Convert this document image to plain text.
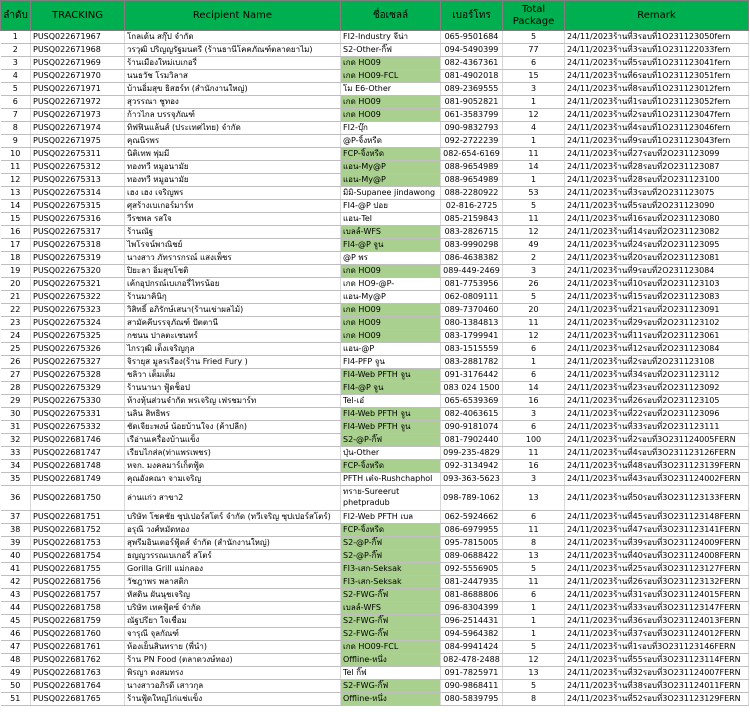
ลำดับ	TRACKING	Recipient Name	ชื่อเซลล์	เบอร์โทร	Total Package	Remark
1	PUSQ022671967	โกลเด้น สกุ๊ป จำกัด	FI2-Industry จีน่า	065-9501684	5	24/11/2023ร้านที่3รอบที่1O231123050fern
2	PUSQ022671968	วรวุฒิ ปริญญรัฐมนตรี (ร้านธานีโคคภัณฑ์ตลาดยาไม)	S2-Other-กิ๊ฟ	094-5490399	77	24/11/2023ร้านที่3รอบที่1O231122033fern
3	PUSQ022671969	ร้านเมืองใหม่เบเกอรี่	เกด HO09	082-4367361	6	24/11/2023ร้านที่5รอบที่1O231123041fern
4	PUSQ022671970	นนธวัช โรมวิลาส	เกด HO09-FCL	081-4902018	15	24/11/2023ร้านที่6รอบที่1O231123051fern
5	PUSQ022671971	บ้านอิ่มสุข ธิสฮร์ท (สำนักงานใหญ่)	โม E6-Other	089-2369555	3	24/11/2023ร้านที่8รอบที่1O231123012fern
6	PUSQ022671972	สุวรรณา ชูทอง	เกด HO09	081-9052821	1	24/11/2023ร้านที่1รอบที่1O231123052fern
7	PUSQ022671973	ก้าวไกล บรรจุภัณฑ์	เกด HO09	061-3583799	12	24/11/2023ร้านที่2รอบที่1O231123047fern
8	PUSQ022671974	ทิฟฟินแล้นส์ (ประเทศไทย) จำกัด	FI2-บุ๊ก	090-9832793	4	24/11/2023ร้านที่4รอบที่1O231123046fern
9	PUSQ022671975	คุณนิรพร	@P-จิ้งหรีด	092-2722239	1	24/11/2023ร้านที่9รอบที่1O231123043fern
10	PUSQ022675311	นิติเทพ พุ่มมี	FCP-จิ้งหรีด	082-654-6169	11	24/11/2023ร้านที่27รอบที่2O231123099
11	PUSQ022675312	ทองทวี หมูอนามัย	แอน-My@P	088-9654989	14	24/11/2023ร้านที่28รอบที่2O231123087
12	PUSQ022675313	ทองทวี หมูอนามัย	แอน-My@P	088-9654989	1	24/11/2023ร้านที่28รอบที่2O231123100
13	PUSQ022675314	เฮง เฮง เจริญพร	มิมิ-Supanee jindawong	088-2280922	53	24/11/2023ร้านที่3รอบที่2O231123075
14	PUSQ022675315	ศุสร้างเบเกอร์มาร์ท	FI4-@P ปอย	02-816-2725	5	24/11/2023ร้านที่5รอบที่2O231123090
15	PUSQ022675316	วีรชพล รสใจ	แอน-Tel	085-2159843	11	24/11/2023ร้านที่16รอบที่2O231123080
16	PUSQ022675317	ร้านณัฐ	เบลล์-WFS	083-2826715	12	24/11/2023ร้านที่14รอบที่2O231123082
17	PUSQ022675318	ไพโรจน์พาณิชย์	FI4-@P จูน	083-9990298	49	24/11/2023ร้านที่24รอบที่2O231123095
18	PUSQ022675319	นางสาว ภัทรารกรณ์ แสงเพ็ชร	@P พร	086-4638382	2	24/11/2023ร้านที่20รอบที่2O231123081
19	PUSQ022675320	ปิยะลา อิ่มสุขโชติ	เกด HO09	089-449-2469	3	24/11/2023ร้านที่9รอบที่2O231123084
20	PUSQ022675321	เค้กอุปกรณ์เบเกอรี่ไทรน้อย	เกด HO9-@P-	081-7753956	26	24/11/2023ร้านที่10รอบที่2O231123103
21	PUSQ022675322	ร้านมาคินิกุ	แอน-My@P	062-0809111	5	24/11/2023ร้านที่15รอบที่2O231123083
22	PUSQ022675323	วิสิทธิ์ อภิรักษ์เสนา(ร้านเข่าผลไม้)	เกด HO09	089-7370460	20	24/11/2023ร้านที่21รอบที่2O231123091
23	PUSQ022675324	สามัคคีบรรจุภัณฑ์ ปัตตานี	เกด HO09	080-1384813	11	24/11/2023ร้านที่29รอบที่2O231123102
24	PUSQ022675325	กชนน ปาลตะเซนทร์	เกด HO09	083-1799941	12	24/11/2023ร้านที่11รอบที่2O231123061
25	PUSQ022675326	ไกรวุฒิ เต็งเจริญกุล	แอน-@P	083-1515559	6	24/11/2023ร้านที่12รอบที่2O231123084
26	PUSQ022675327	จิรายุส มูลรเรือง(ร้าน Fried Fury )	FI4-PFP จูน	083-2881782	1	24/11/2023ร้านที่2รอบที่2O231123108
27	PUSQ022675328	ชลิวา เต็มเต็ม	FI4-Web PFTH จูน	091-3176442	6	24/11/2023ร้านที่34รอบที่2O231123112
28	PUSQ022675329	ร้านนานา ฟู้ดช็อป	FI4-@P จูน	083 024 1500	14	24/11/2023ร้านที่23รอบที่2O231123092
29	PUSQ022675330	ห้างหุ้นส่วนจำกัด พรเจริญ เฟรชมาร์ท	Tel-เอ๋	065-6539369	16	24/11/2023ร้านที่26รอบที่2O231123105
30	PUSQ022675331	นลิน สิทธิพร	FI4-Web PFTH จูน	082-4063615	3	24/11/2023ร้านที่22รอบที่2O231123096
31	PUSQ022675332	ชัดเจียะพงษ์ น้อยบ้านใจง (ค้าปลีก)	FI4-Web PFTH จูน	090-9181074	6	24/11/2023ร้านที่33รอบที่2O231123111
32	PUSQ022681746	เรือ่านเครื่องบ้านแข็ง	S2-@P-กิ๊ฟ	081-7902440	100	24/11/2023ร้านที่2รอบที่3O231124005FERN
33	PUSQ022681747	เรืยบไกส่ล(ท่าแพรเพชร)	ปุ่น-Other	099-235-4829	11	24/11/2023ร้านที่4รอบที่3O231123126FERN
34	PUSQ022681748	หจก. มงคลมาร์เก็ตฟู้ด	FCP-จิ้งหรีด	092-3134942	16	24/11/2023ร้านที่48รอบที่3O231123139FERN
35	PUSQ022681749	คุณอังคณา จามเจริญ	PFTH เต๋จ-Rushchaphol	093-363-5623	3	24/11/2023ร้านที่43รอบที่3O231124002FERN
36	PUSQ022681750	ล่านแก่ว สาขา2	ทราย-Sureerut phetpradub	098-789-1062	13	24/11/2023ร้านที่50รอบที่3O231123133FERN
37	PUSQ022681751	บริษัท โชคชัย ซุปเปอร์สโตร์ จำกัด (ทวีเจริญ ซุปเปอร์สโตร์)	FI2-Web PFTH เบล	062-5924662	6	24/11/2023ร้านที่45รอบที่3O231123148FERN
38	PUSQ022681752	อรุณี วงศ์หมัดทอง	FCP-จิ้งหรีด	086-6979955	11	24/11/2023ร้านที่47รอบที่3O231123141FERN
39	PUSQ022681753	สุพรีมอินเตอร์ฟู้ดส์ จำกัด (สำนักงานใหญ่)	S2-@P-กิ๊ฟ	095-7815005	8	24/11/2023ร้านที่39รอบที่3O231124009FERN
40	PUSQ022681754	ธญญวรรณเบเกอรี่ สโตร์	S2-@P-กิ๊ฟ	089-0688422	13	24/11/2023ร้านที่40รอบที่3O231124008FERN
41	PUSQ022681755	Gorilla Grill แม่กลอง	FI3-เสก-Seksak	092-5556905	5	24/11/2023ร้านที่25รอบที่3O231123127FERN
42	PUSQ022681756	วัชฎาพร พลาสติก	FI3-เสก-Seksak	081-2447935	11	24/11/2023ร้านที่26รอบที่3O231123132FERN
43	PUSQ022681757	หัสดิน ผันนุชเจริญ	S2-FWG-กิ๊ฟ	081-8688806	6	24/11/2023ร้านที่31รอบที่3O231124015FERN
44	PUSQ022681758	บริษัท เทคฟู้ดซ์ จำกัด	เบลล์-WFS	096-8304399	1	24/11/2023ร้านที่33รอบที่3O231123147FERN
45	PUSQ022681759	ณัฐปรียา ใจเชื่อม	S2-FWG-กิ๊ฟ	096-2514431	1	24/11/2023ร้านที่36รอบที่3O231124013FERN
46	PUSQ022681760	จารุณี จุลกัณฑ์	S2-FWG-กิ๊ฟ	094-5964382	1	24/11/2023ร้านที่37รอบที่3O231124012FERN
47	PUSQ022681761	ห้องเย็นสินทราย (พี่นำ)	เกด HO09-FCL	084-9941424	5	24/11/2023ร้านที่1รอบที่3O231123146FERN
48	PUSQ022681762	ร้าน PN Food (ตลาดวงษ์ทอง)	Offline-หนึ่ง	082-478-2488	12	24/11/2023ร้านที่55รอบที่3O231123114FERN
49	PUSQ022681763	พิรญา ดงสมทรง	Tel กิ๊ฟ	091-7825971	13	24/11/2023ร้านที่32รอบที่3O231124007FERN
50	PUSQ022681764	นางสาวอภิรดี เสาวกุล	S2-FWG-กิ๊ฟ	090-9868411	5	24/11/2023ร้านที่38รอบที่3O231124011FERN
51	PUSQ022681765	ร้านฟู้ดใหญ่ไก่แช่แข็ง	Offline-หนึ่ง	080-5839795	8	24/11/2023ร้านที่52รอบที่3O231123129FERN
